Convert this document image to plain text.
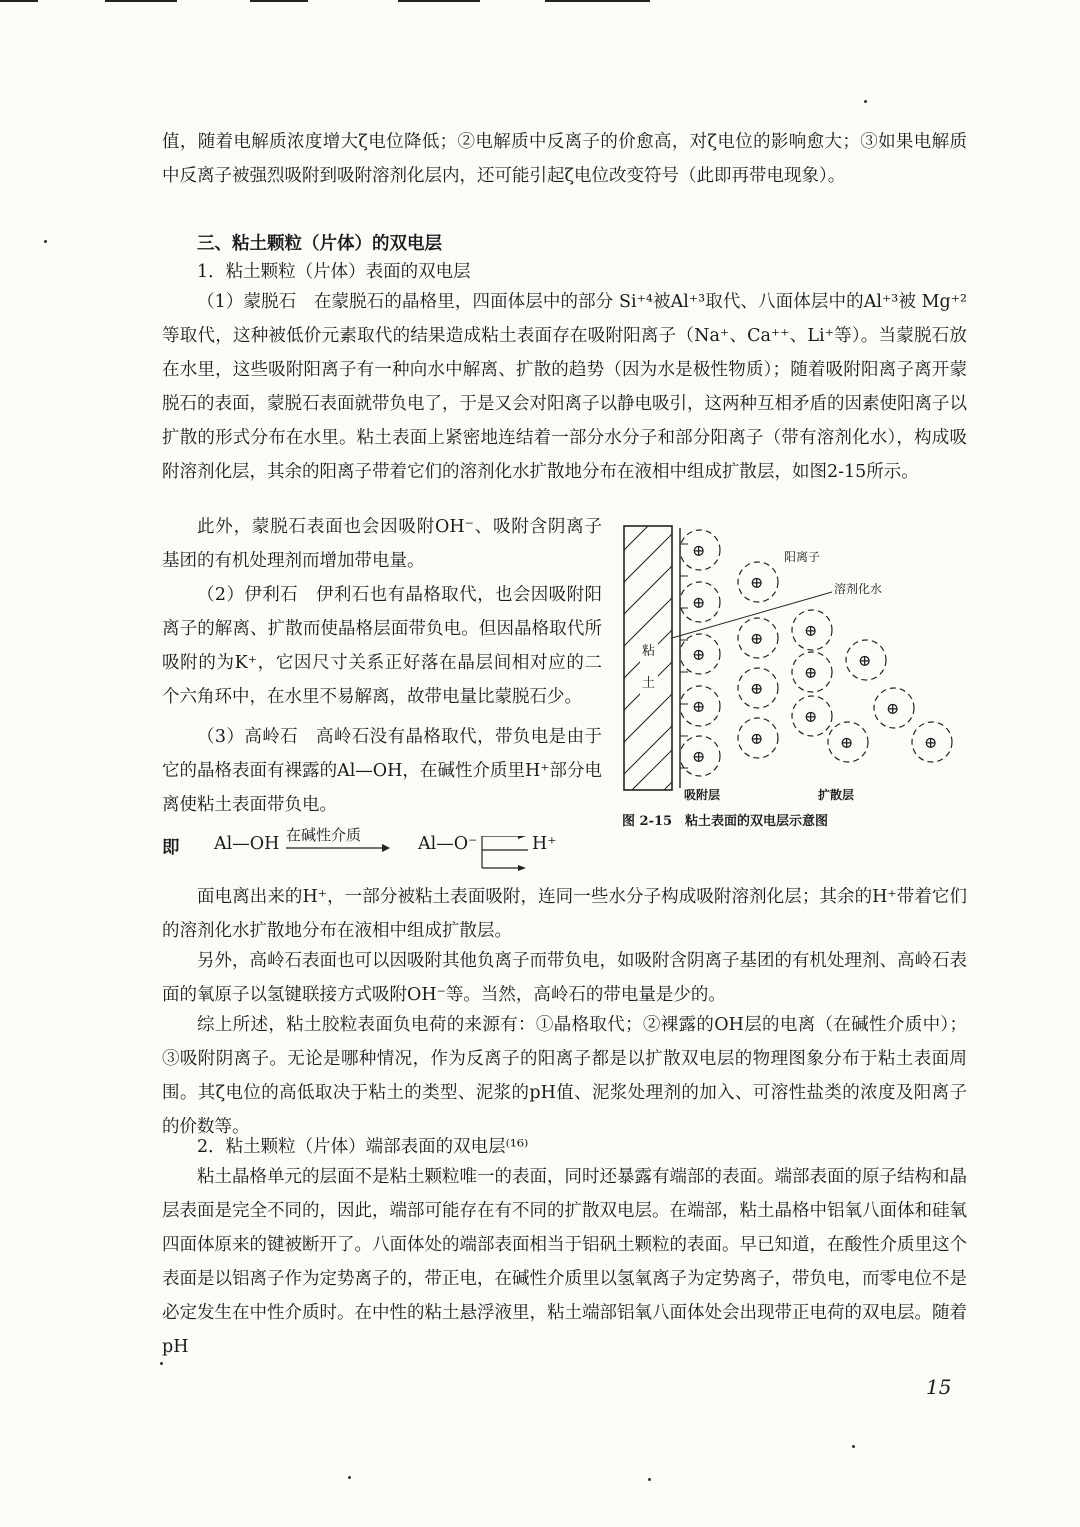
值，随着电解质浓度增大ζ电位降低；②电解质中反离子的价愈高，对ζ电位的影响愈大；③如果电解质中反离子被强烈吸附到吸附溶剂化层内，还可能引起ζ电位改变符号（此即再带电现象）。

三、粘土颗粒（片体）的双电层

1．粘土颗粒（片体）表面的双电层

（1）蒙脱石　在蒙脱石的晶格里，四面体层中的部分 Si⁺⁴被Al⁺³取代、八面体层中的Al⁺³被 Mg⁺²等取代，这种被低价元素取代的结果造成粘土表面存在吸附阳离子（Na⁺、Ca⁺⁺、Li⁺等）。当蒙脱石放在水里，这些吸附阳离子有一种向水中解离、扩散的趋势（因为水是极性物质）；随着吸附阳离子离开蒙脱石的表面，蒙脱石表面就带负电了，于是又会对阳离子以静电吸引，这两种互相矛盾的因素使阳离子以扩散的形式分布在水里。粘土表面上紧密地连结着一部分水分子和部分阳离子（带有溶剂化水），构成吸附溶剂化层，其余的阳离子带着它们的溶剂化水扩散地分布在液相中组成扩散层，如图2-15所示。

此外，蒙脱石表面也会因吸附OH⁻、吸附含阴离子基团的有机处理剂而增加带电量。

（2）伊利石　伊利石也有晶格取代，也会因吸附阳离子的解离、扩散而使晶格层面带负电。但因晶格取代所吸附的为K⁺，它因尺寸关系正好落在晶层间相对应的二个六角环中，在水里不易解离，故带电量比蒙脱石少。

（3）高岭石　高岭石没有晶格取代，带负电是由于它的晶格表面有裸露的Al—OH，在碱性介质里H⁺部分电离使粘土表面带负电。

即 Al—OH 在碱性介质	Al—O⁻	H⁺
⊕
⊕
⊕
⊕
⊕
⊕
⊕
⊕
⊕
⊕
⊕
⊕
⊕
⊕
⊕
⊕
阳离子
溶剂化水
粘
土
吸附层	扩散层
图 2-15　粘土表面的双电层示意图

面电离出来的H⁺，一部分被粘土表面吸附，连同一些水分子构成吸附溶剂化层；其余的H⁺带着它们的溶剂化水扩散地分布在液相中组成扩散层。

另外，高岭石表面也可以因吸附其他负离子而带负电，如吸附含阴离子基团的有机处理剂、高岭石表面的氧原子以氢键联接方式吸附OH⁻等。当然，高岭石的带电量是少的。

综上所述，粘土胶粒表面负电荷的来源有：①晶格取代；②裸露的OH层的电离（在碱性介质中）；③吸附阴离子。无论是哪种情况，作为反离子的阳离子都是以扩散双电层的物理图象分布于粘土表面周围。其ζ电位的高低取决于粘土的类型、泥浆的pH值、泥浆处理剂的加入、可溶性盐类的浓度及阳离子的价数等。

2．粘土颗粒（片体）端部表面的双电层⁽¹⁶⁾

粘土晶格单元的层面不是粘土颗粒唯一的表面，同时还暴露有端部的表面。端部表面的原子结构和晶层表面是完全不同的，因此，端部可能存在有不同的扩散双电层。在端部，粘土晶格中铝氧八面体和硅氧四面体原来的键被断开了。八面体处的端部表面相当于铝矾土颗粒的表面。早已知道，在酸性介质里这个表面是以铝离子作为定势离子的，带正电，在碱性介质里以氢氧离子为定势离子，带负电，而零电位不是必定发生在中性介质时。在中性的粘土悬浮液里，粘土端部铝氧八面体处会出现带正电荷的双电层。随着pH

15
